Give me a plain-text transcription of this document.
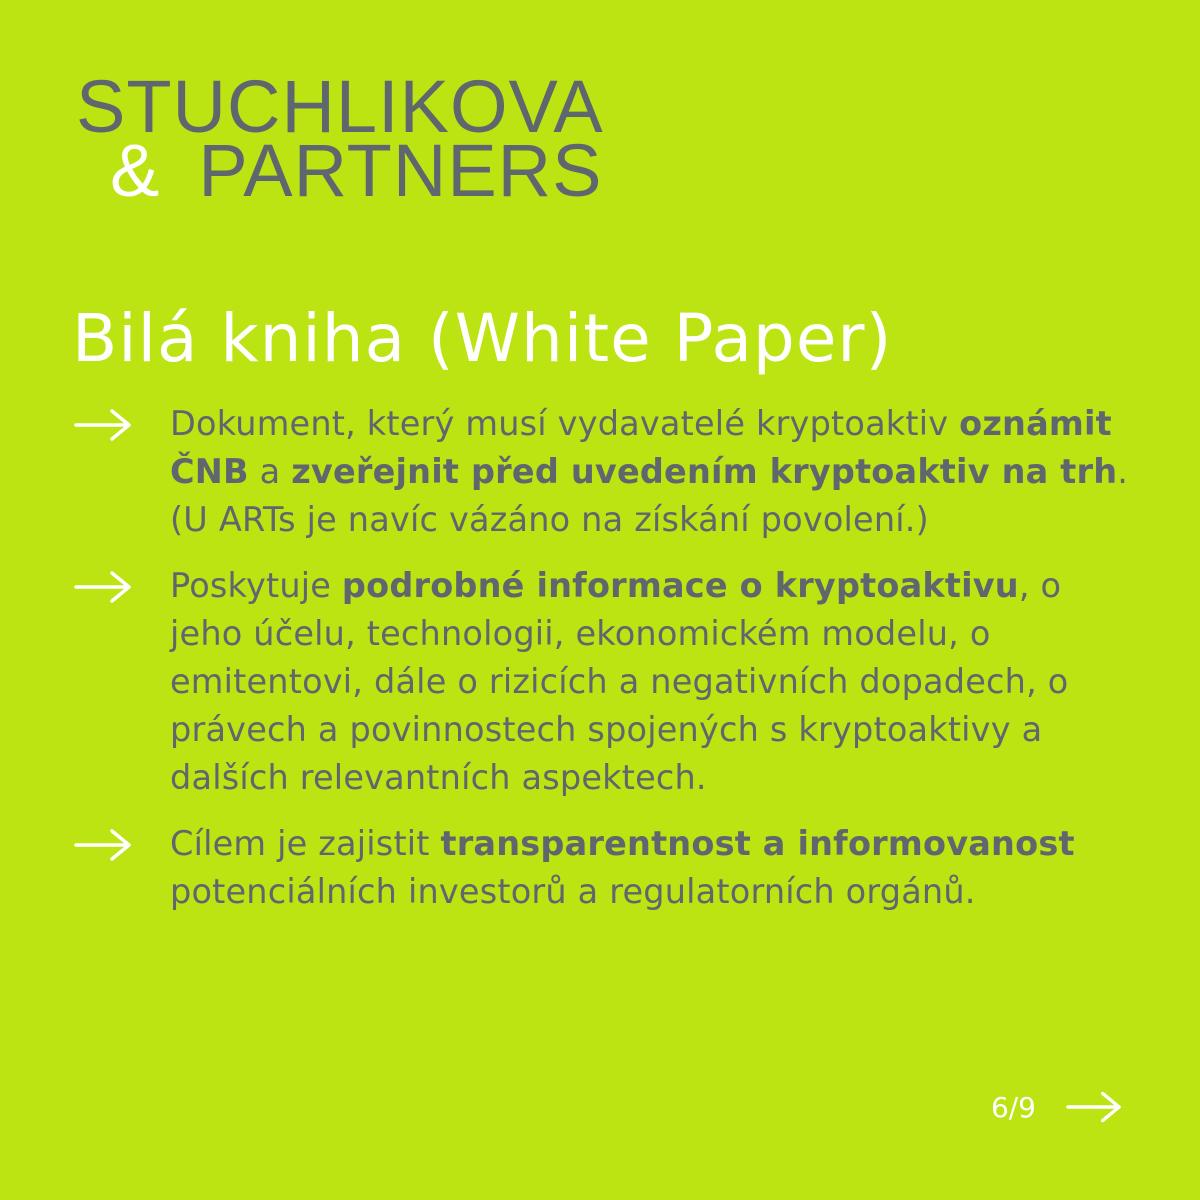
STUCHLIKOVA
& PARTNERS
Bilá kniha (White Paper)
Dokument, který musí vydavatelé kryptoaktiv oznámit ČNB a zveřejnit před uvedením kryptoaktiv na trh. (U ARTs je navíc vázáno na získání povolení.)
Poskytuje podrobné informace o kryptoaktivu, o jeho účelu, technologii, ekonomickém modelu, o emitentovi, dále o rizicích a negativních dopadech, o právech a povinnostech spojených s kryptoaktivy a dalších relevantních aspektech.
Cílem je zajistit transparentnost a informovanost potenciálních investorů a regulatorních orgánů.
6/9
